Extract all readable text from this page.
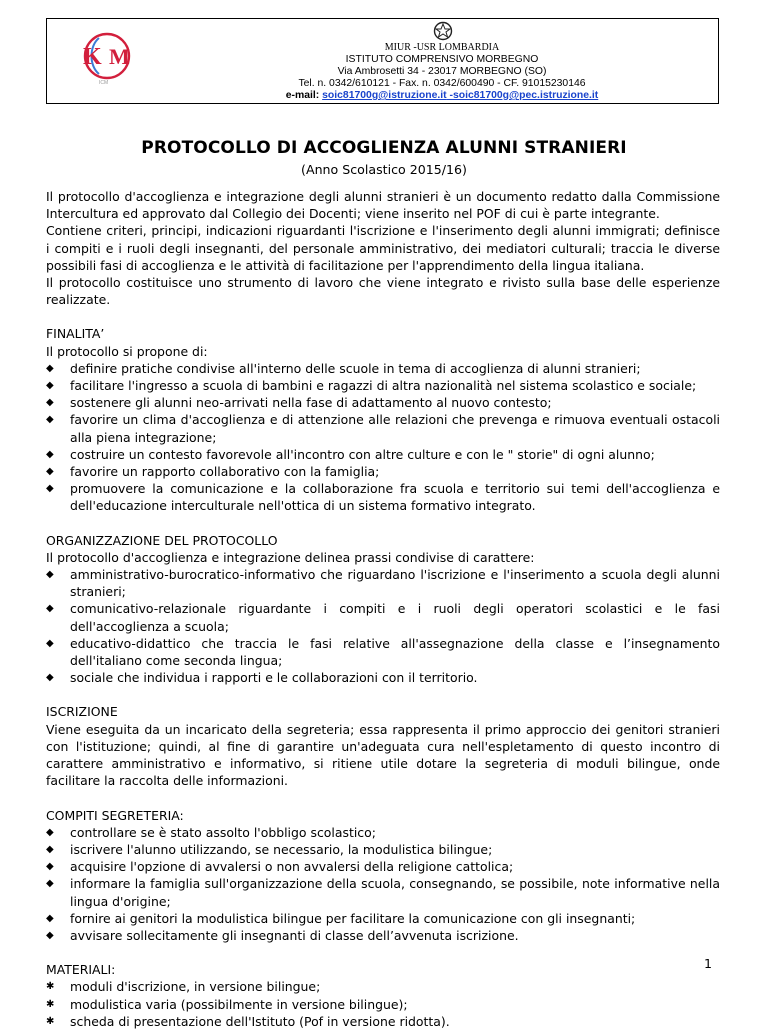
K M
ICM
MIUR -USR LOMBARDIA
ISTITUTO COMPRENSIVO MORBEGNO
Via Ambrosetti 34 - 23017 MORBEGNO (SO)
Tel. n. 0342/610121 - Fax. n. 0342/600490 - CF. 91015230146
e-mail: soic81700g@istruzione.it -soic81700g@pec.istruzione.it
PROTOCOLLO DI ACCOGLIENZA ALUNNI STRANIERI
(Anno Scolastico 2015/16)

Il protocollo d'accoglienza e integrazione degli alunni stranieri è un documento redatto dalla Commissione Intercultura ed approvato dal Collegio dei Docenti; viene inserito nel POF di cui è parte integrante.

Contiene criteri, principi, indicazioni riguardanti l'iscrizione e l'inserimento degli alunni immigrati; definisce i compiti e i ruoli degli insegnanti, del personale amministrativo, dei mediatori culturali; traccia le diverse possibili fasi di accoglienza e le attività di facilitazione per l'apprendimento della lingua italiana.

Il protocollo costituisce uno strumento di lavoro che viene integrato e rivisto sulla base delle esperienze realizzate.

FINALITA’
Il protocollo si propone di:
◆	definire pratiche condivise all'interno delle scuole in tema di accoglienza di alunni stranieri;
◆	facilitare l'ingresso a scuola di bambini e ragazzi di altra nazionalità nel sistema scolastico e sociale;
◆	sostenere gli alunni neo-arrivati nella fase di adattamento al nuovo contesto;
◆	favorire un clima d'accoglienza e di attenzione alle relazioni che prevenga e rimuova eventuali ostacoli alla piena integrazione;
◆	costruire un contesto favorevole all'incontro con altre culture e con le " storie" di ogni alunno;
◆	favorire un rapporto collaborativo con la famiglia;
◆	promuovere la comunicazione e la collaborazione fra scuola e territorio sui temi dell'accoglienza e dell'educazione interculturale nell'ottica di un sistema formativo integrato.
ORGANIZZAZIONE DEL PROTOCOLLO
Il protocollo d'accoglienza e integrazione delinea prassi condivise di carattere:
◆	amministrativo-burocratico-informativo che riguardano l'iscrizione e l'inserimento a scuola degli alunni stranieri;
◆	comunicativo-relazionale riguardante i compiti e i ruoli degli operatori scolastici e le fasi dell'accoglienza a scuola;
◆	educativo-didattico che traccia le fasi relative all'assegnazione della classe e l’insegnamento dell'italiano come seconda lingua;
◆	sociale che individua i rapporti e le collaborazioni con il territorio.
ISCRIZIONE

Viene eseguita da un incaricato della segreteria; essa rappresenta il primo approccio dei genitori stranieri con l'istituzione; quindi, al fine di garantire un'adeguata cura nell'espletamento di questo incontro di carattere amministrativo e informativo, si ritiene utile dotare la segreteria di moduli bilingue, onde facilitare la raccolta delle informazioni.

COMPITI SEGRETERIA:
◆	controllare se è stato assolto l'obbligo scolastico;
◆	iscrivere l'alunno utilizzando, se necessario, la modulistica bilingue;
◆	acquisire l'opzione di avvalersi o non avvalersi della religione cattolica;
◆	informare la famiglia sull'organizzazione della scuola, consegnando, se possibile, note informative nella lingua d'origine;
◆	fornire ai genitori la modulistica bilingue per facilitare la comunicazione con gli insegnanti;
◆	avvisare sollecitamente gli insegnanti di classe dell’avvenuta iscrizione.
MATERIALI:
✱	moduli d'iscrizione, in versione bilingue;
✱	modulistica varia (possibilmente in versione bilingue);
✱	scheda di presentazione dell'Istituto (Pof in versione ridotta).
1
